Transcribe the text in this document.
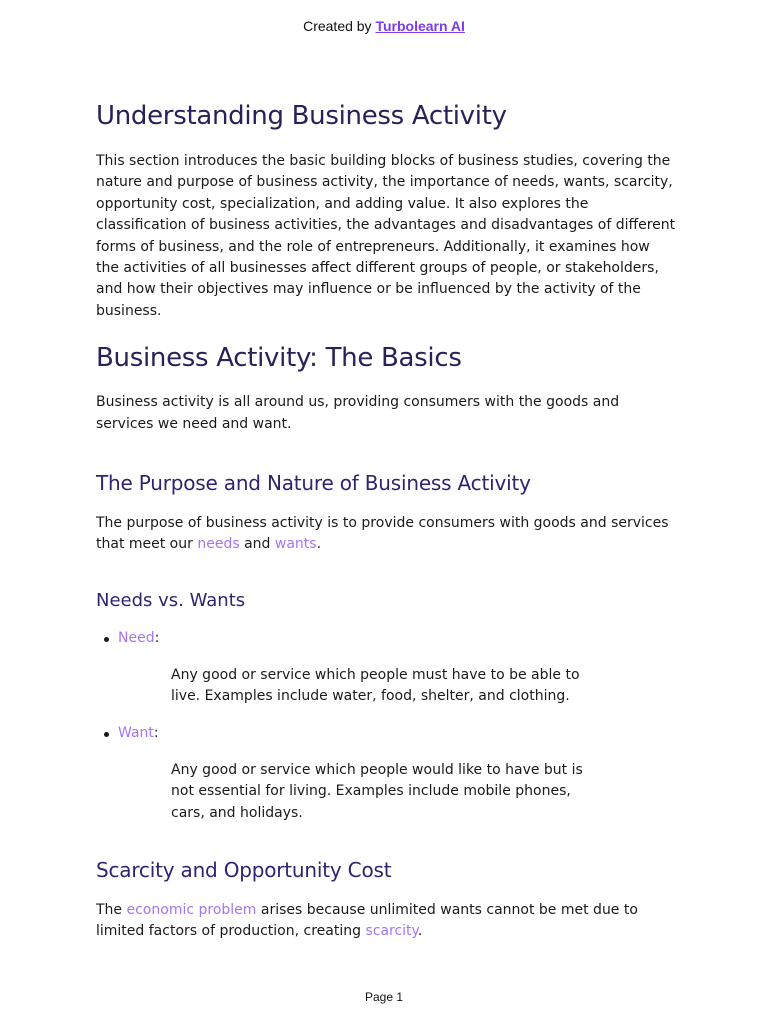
Created by Turbolearn AI
Understanding Business Activity

This section introduces the basic building blocks of business studies, covering the nature and purpose of business activity, the importance of needs, wants, scarcity, opportunity cost, specialization, and adding value. It also explores the classification of business activities, the advantages and disadvantages of different forms of business, and the role of entrepreneurs. Additionally, it examines how the activities of all businesses affect different groups of people, or stakeholders, and how their objectives may influence or be influenced by the activity of the business.

Business Activity: The Basics

Business activity is all around us, providing consumers with the goods and services we need and want.

The Purpose and Nature of Business Activity

The purpose of business activity is to provide consumers with goods and services that meet our needs and wants.

Needs vs. Wants
Need:

Any good or service which people must have to be able to live. Examples include water, food, shelter, and clothing.

Want:

Any good or service which people would like to have but is not essential for living. Examples include mobile phones, cars, and holidays.

Scarcity and Opportunity Cost

The economic problem arises because unlimited wants cannot be met due to limited factors of production, creating scarcity.

Page 1
